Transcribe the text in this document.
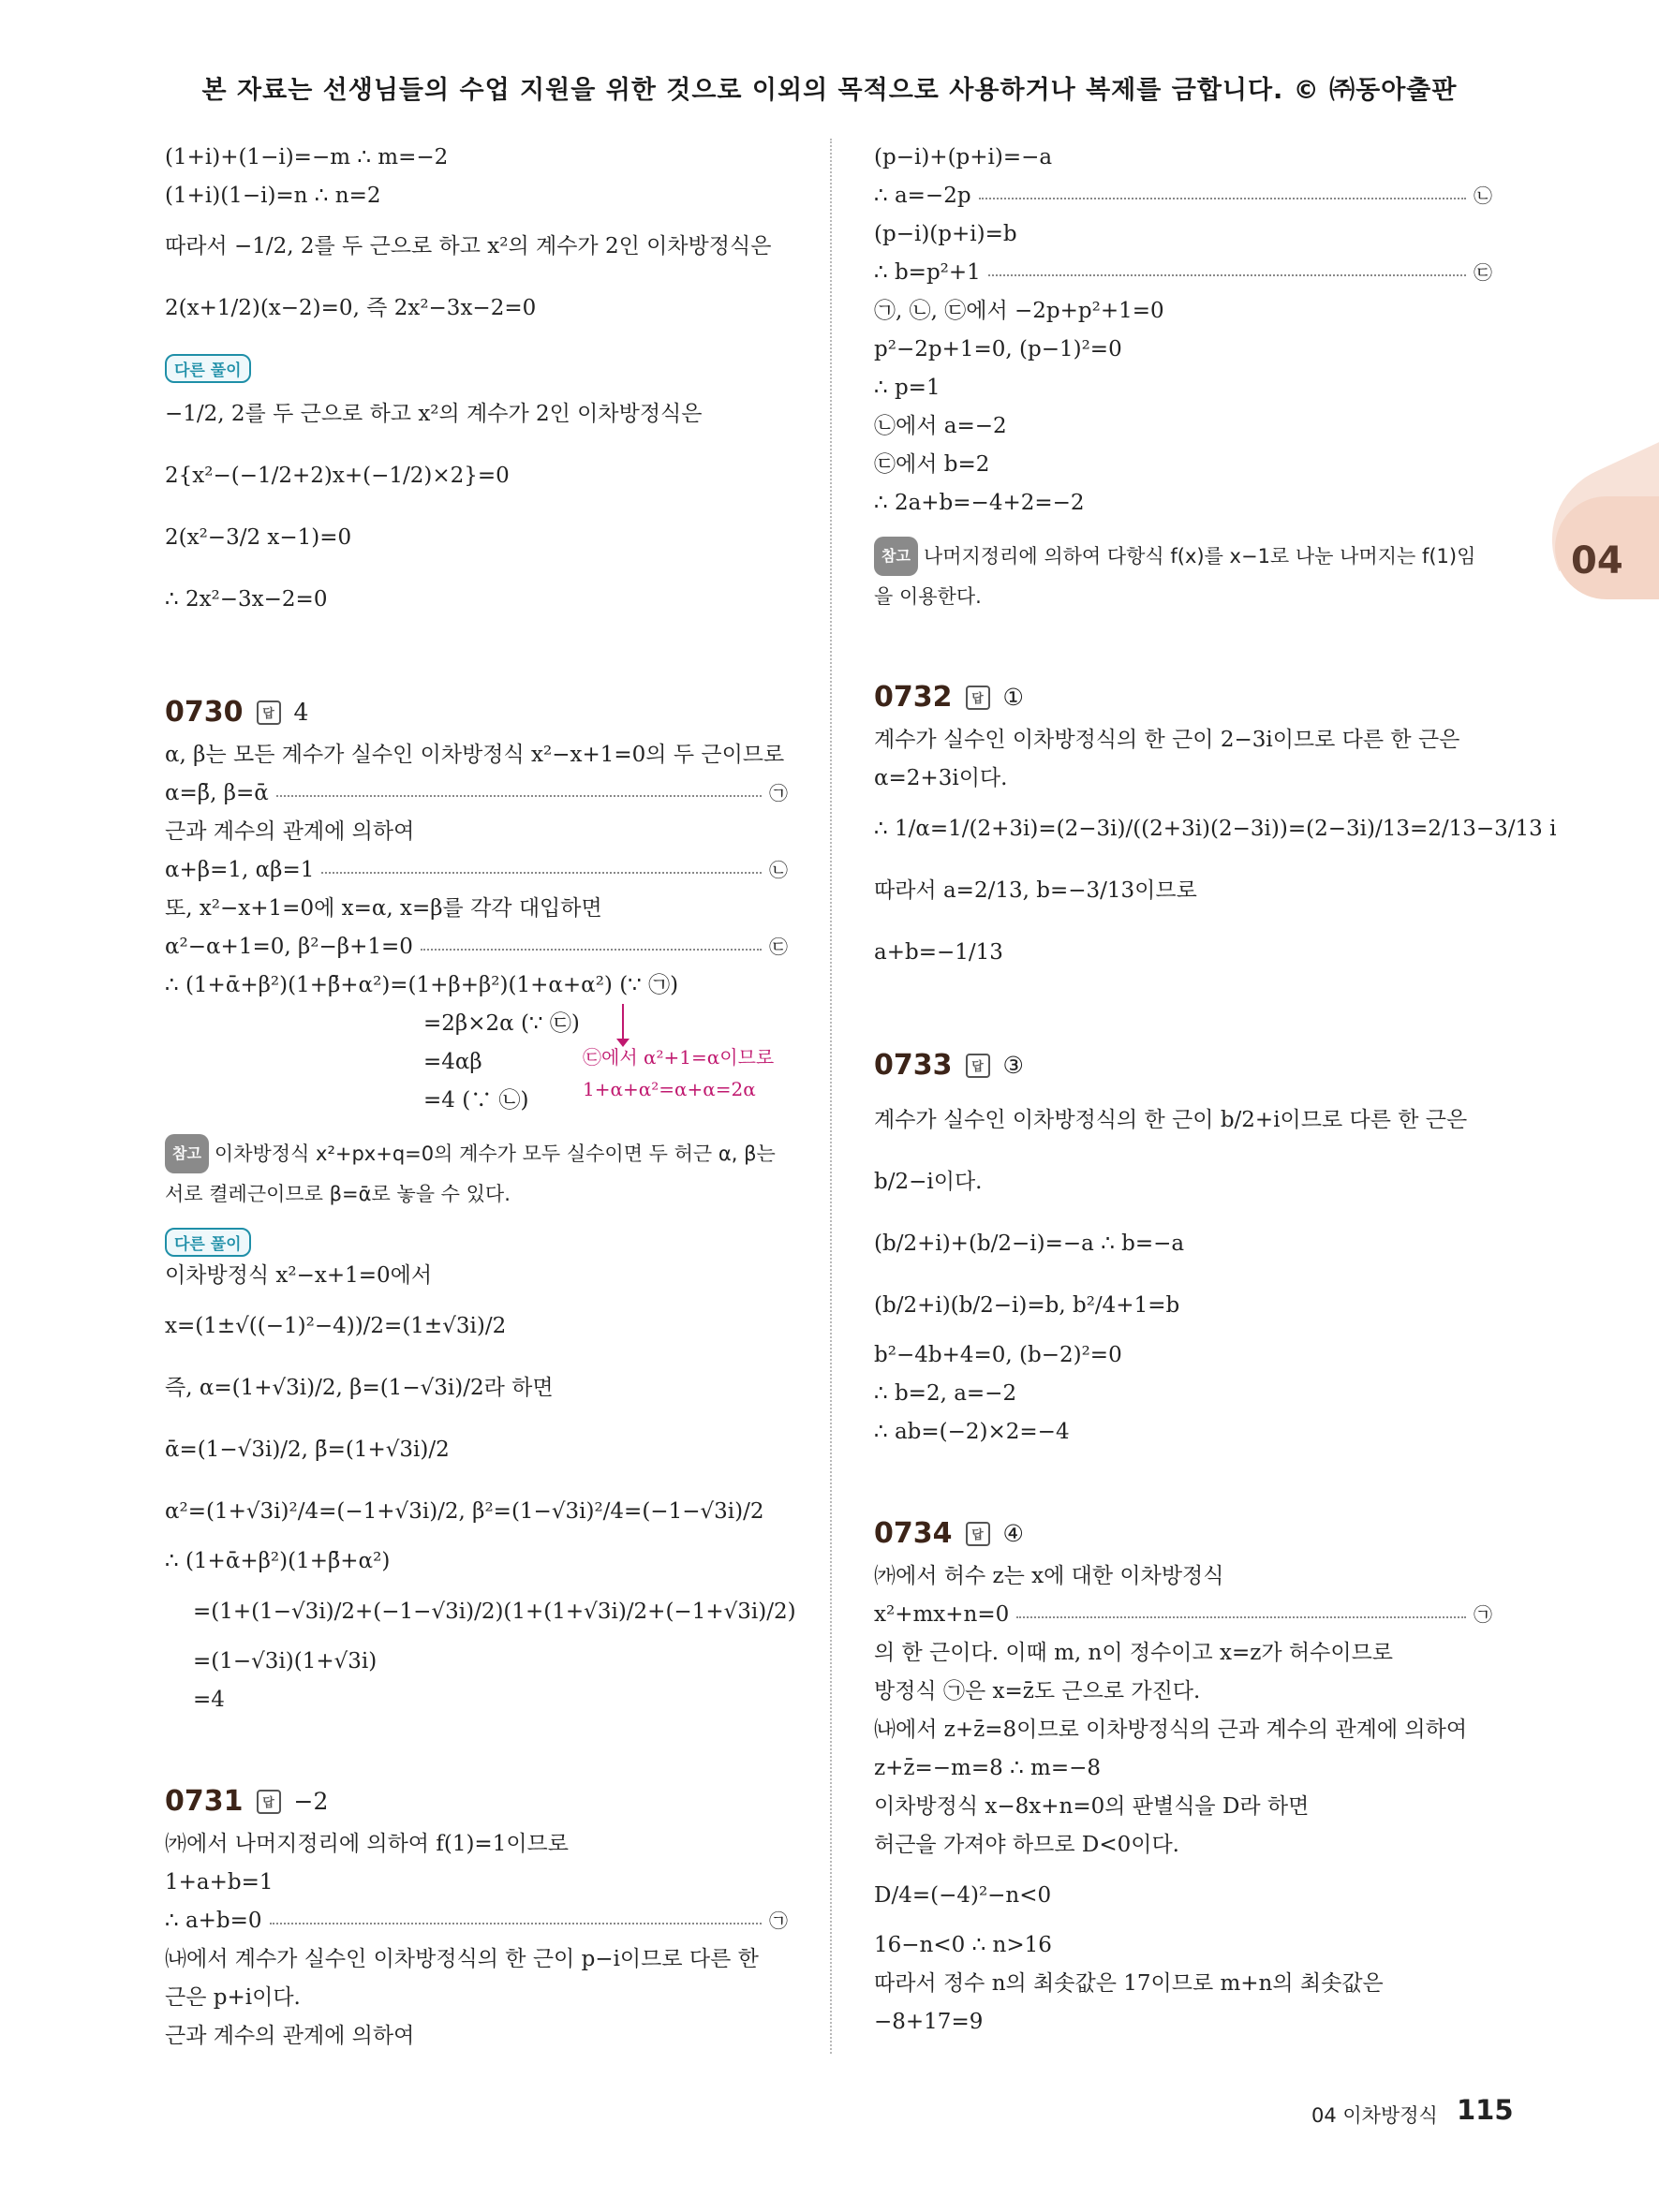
본 자료는 선생님들의 수업 지원을 위한 것으로 이외의 목적으로 사용하거나 복제를 금합니다. © ㈜동아출판
04
(1+i)+(1−i)=−m ∴ m=−2
(1+i)(1−i)=n ∴ n=2
따라서 −1/2, 2를 두 근으로 하고 x²의 계수가 2인 이차방정식은
2(x+1/2)(x−2)=0, 즉 2x²−3x−2=0
다른 풀이
−1/2, 2를 두 근으로 하고 x²의 계수가 2인 이차방정식은
2{x²−(−1/2+2)x+(−1/2)×2}=0
2(x²−3/2 x−1)=0
∴ 2x²−3x−2=0
0730	답 4
α, β는 모든 계수가 실수인 이차방정식 x²−x+1=0의 두 근이므로
α=β̄, β=ᾱ	㉠
근과 계수의 관계에 의하여
α+β=1, αβ=1	㉡
또, x²−x+1=0에 x=α, x=β를 각각 대입하면
α²−α+1=0, β²−β+1=0	㉢
∴ (1+ᾱ+β²)(1+β̄+α²)=(1+β+β²)(1+α+α²) (∵ ㉠)
=2β×2α (∵ ㉢)
=4αβ
=4 (∵ ㉡)
참고 이차방정식 x²+px+q=0의 계수가 모두 실수이면 두 허근 α, β는
서로 켤레근이므로 β=ᾱ로 놓을 수 있다.
다른 풀이
이차방정식 x²−x+1=0에서
x=(1±√((−1)²−4))/2=(1±√3i)/2
즉, α=(1+√3i)/2, β=(1−√3i)/2라 하면
ᾱ=(1−√3i)/2, β̄=(1+√3i)/2
α²=(1+√3i)²/4=(−1+√3i)/2, β²=(1−√3i)²/4=(−1−√3i)/2
∴ (1+ᾱ+β²)(1+β̄+α²)
=(1+(1−√3i)/2+(−1−√3i)/2)(1+(1+√3i)/2+(−1+√3i)/2)
=(1−√3i)(1+√3i)
=4
0731	답 −2
㈎에서 나머지정리에 의하여 f(1)=1이므로
1+a+b=1
∴ a+b=0	㉠
㈏에서 계수가 실수인 이차방정식의 한 근이 p−i이므로 다른 한
근은 p+i이다.
근과 계수의 관계에 의하여
㉢에서 α²+1=α이므로
1+α+α²=α+α=2α
(p−i)+(p+i)=−a
∴ a=−2p	㉡
(p−i)(p+i)=b
∴ b=p²+1	㉢
㉠, ㉡, ㉢에서 −2p+p²+1=0
p²−2p+1=0, (p−1)²=0
∴ p=1
㉡에서 a=−2
㉢에서 b=2
∴ 2a+b=−4+2=−2
참고 나머지정리에 의하여 다항식 f(x)를 x−1로 나눈 나머지는 f(1)임
을 이용한다.
0732	답 ①
계수가 실수인 이차방정식의 한 근이 2−3i이므로 다른 한 근은
α=2+3i이다.
∴ 1/α=1/(2+3i)=(2−3i)/((2+3i)(2−3i))=(2−3i)/13=2/13−3/13 i
따라서 a=2/13, b=−3/13이므로
a+b=−1/13
0733	답 ③
계수가 실수인 이차방정식의 한 근이 b/2+i이므로 다른 한 근은
b/2−i이다.
(b/2+i)+(b/2−i)=−a ∴ b=−a
(b/2+i)(b/2−i)=b, b²/4+1=b
b²−4b+4=0, (b−2)²=0
∴ b=2, a=−2
∴ ab=(−2)×2=−4
0734	답 ④
㈎에서 허수 z는 x에 대한 이차방정식
x²+mx+n=0	㉠
의 한 근이다. 이때 m, n이 정수이고 x=z가 허수이므로
방정식 ㉠은 x=z̄도 근으로 가진다.
㈏에서 z+z̄=8이므로 이차방정식의 근과 계수의 관계에 의하여
z+z̄=−m=8 ∴ m=−8
이차방정식 x−8x+n=0의 판별식을 D라 하면
허근을 가져야 하므로 D<0이다.
D/4=(−4)²−n<0
16−n<0 ∴ n>16
따라서 정수 n의 최솟값은 17이므로 m+n의 최솟값은
−8+17=9
04 이차방정식 115
